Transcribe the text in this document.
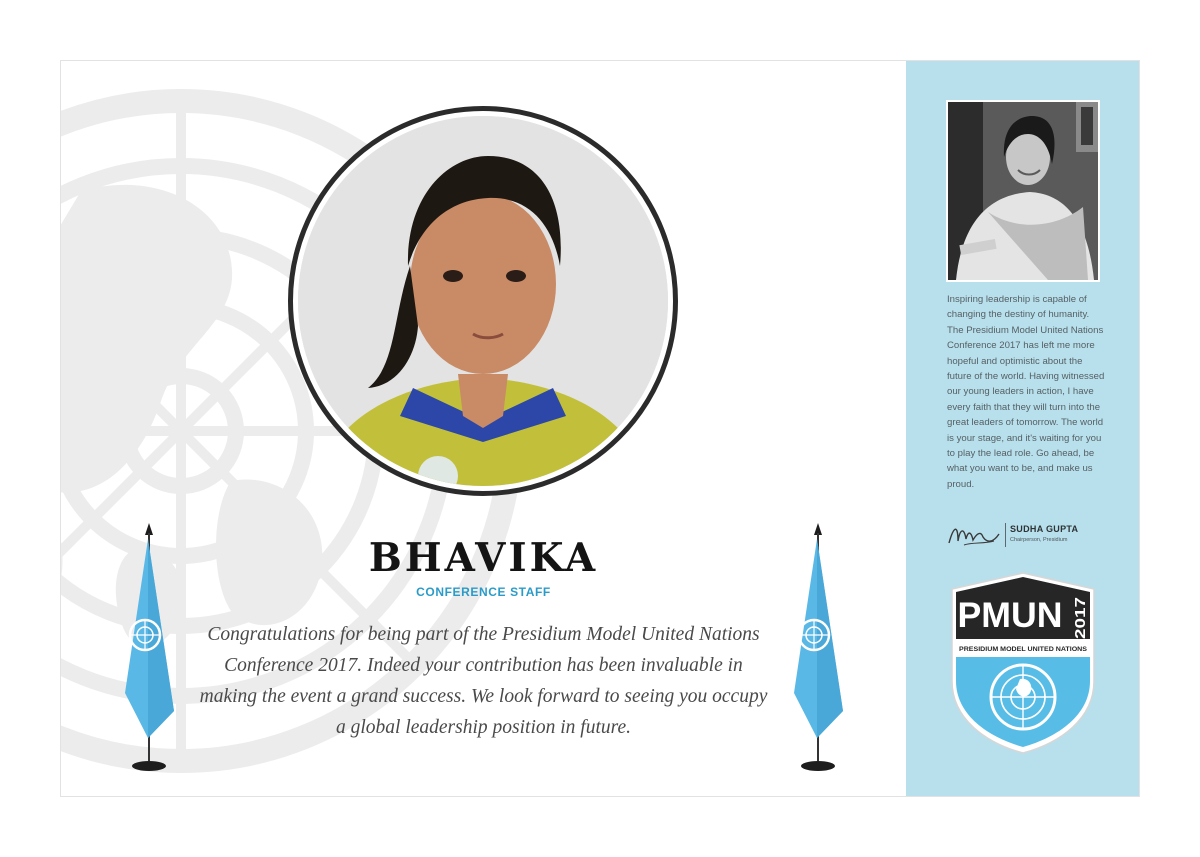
BHAVIKA
CONFERENCE STAFF
Congratulations for being part of the Presidium Model United Nations Conference 2017. Indeed your contribution has been invaluable in making the event a grand success. We look forward to seeing you occupy a global leadership position in future.
Inspiring leadership is capable of changing the destiny of humanity. The Presidium Model United Nations Conference 2017 has left me more hopeful and optimistic about the future of the world. Having witnessed our young leaders in action, I have every faith that they will turn into the great leaders of tomorrow. The world is your stage, and it's waiting for you to play the lead role. Go ahead, be what you want to be, and make us proud.
SUDHA GUPTA
Chairperson, Presidium
PMUN 2017
PRESIDIUM MODEL UNITED NATIONS
